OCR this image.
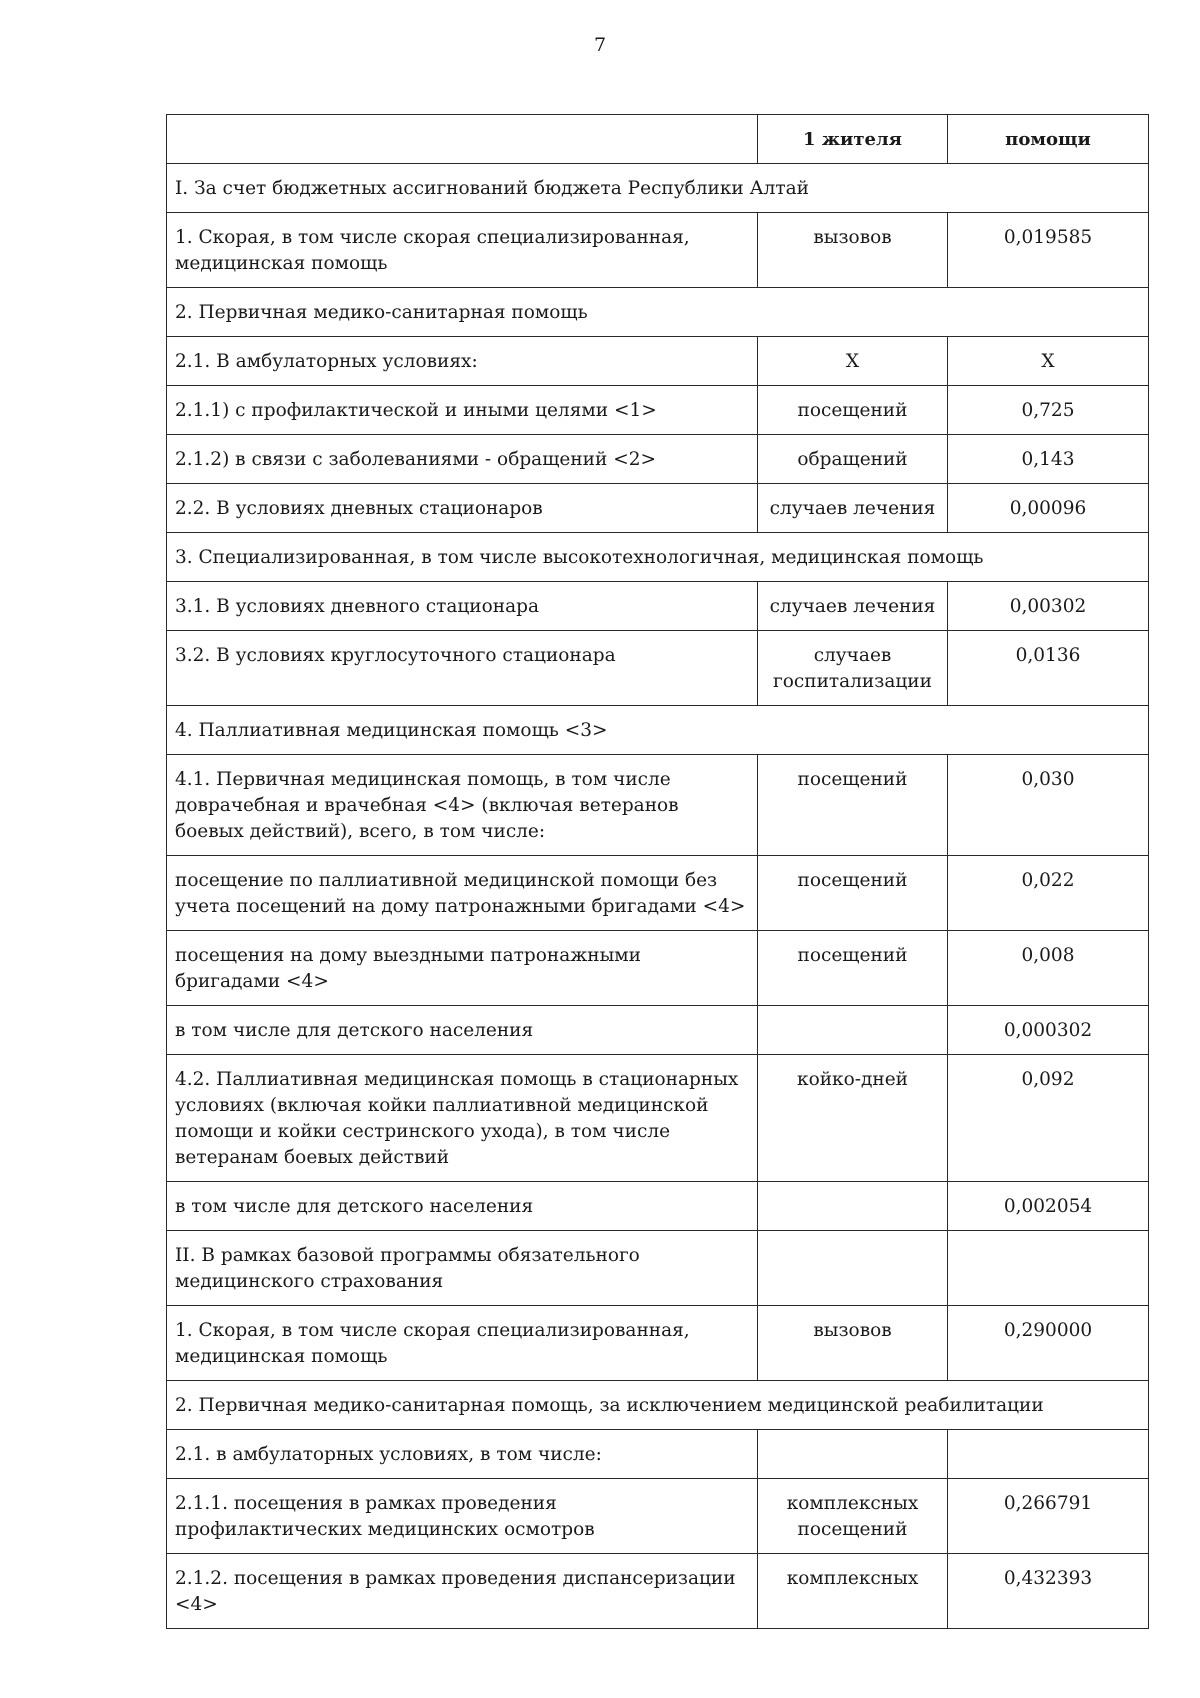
7
	1 жителя	помощи
I. За счет бюджетных ассигнований бюджета Республики Алтай		
1. Скорая, в том числе скорая специализированная, медицинская помощь	вызовов	0,019585
2. Первичная медико-санитарная помощь		
2.1. В амбулаторных условиях:	X	X
2.1.1) с профилактической и иными целями <1>	посещений	0,725
2.1.2) в связи с заболеваниями - обращений <2>	обращений	0,143
2.2. В условиях дневных стационаров	случаев лечения	0,00096
3. Специализированная, в том числе высокотехнологичная, медицинская помощь		
3.1. В условиях дневного стационара	случаев лечения	0,00302
3.2. В условиях круглосуточного стационара	случаев госпитализации	0,0136
4. Паллиативная медицинская помощь <3>		
4.1. Первичная медицинская помощь, в том числе доврачебная и врачебная <4> (включая ветеранов боевых действий), всего, в том числе:	посещений	0,030
посещение по паллиативной медицинской помощи без учета посещений на дому патронажными бригадами <4>	посещений	0,022
посещения на дому выездными патронажными бригадами <4>	посещений	0,008
в том числе для детского населения		0,000302
4.2. Паллиативная медицинская помощь в стационарных условиях (включая койки паллиативной медицинской помощи и койки сестринского ухода), в том числе ветеранам боевых действий	койко-дней	0,092
в том числе для детского населения		0,002054
II. В рамках базовой программы обязательного медицинского страхования		
1. Скорая, в том числе скорая специализированная, медицинская помощь	вызовов	0,290000
2. Первичная медико-санитарная помощь, за исключением медицинской реабилитации		
2.1. в амбулаторных условиях, в том числе:		
2.1.1. посещения в рамках проведения профилактических медицинских осмотров	комплексных посещений	0,266791
2.1.2. посещения в рамках проведения диспансеризации <4>	комплексных	0,432393
